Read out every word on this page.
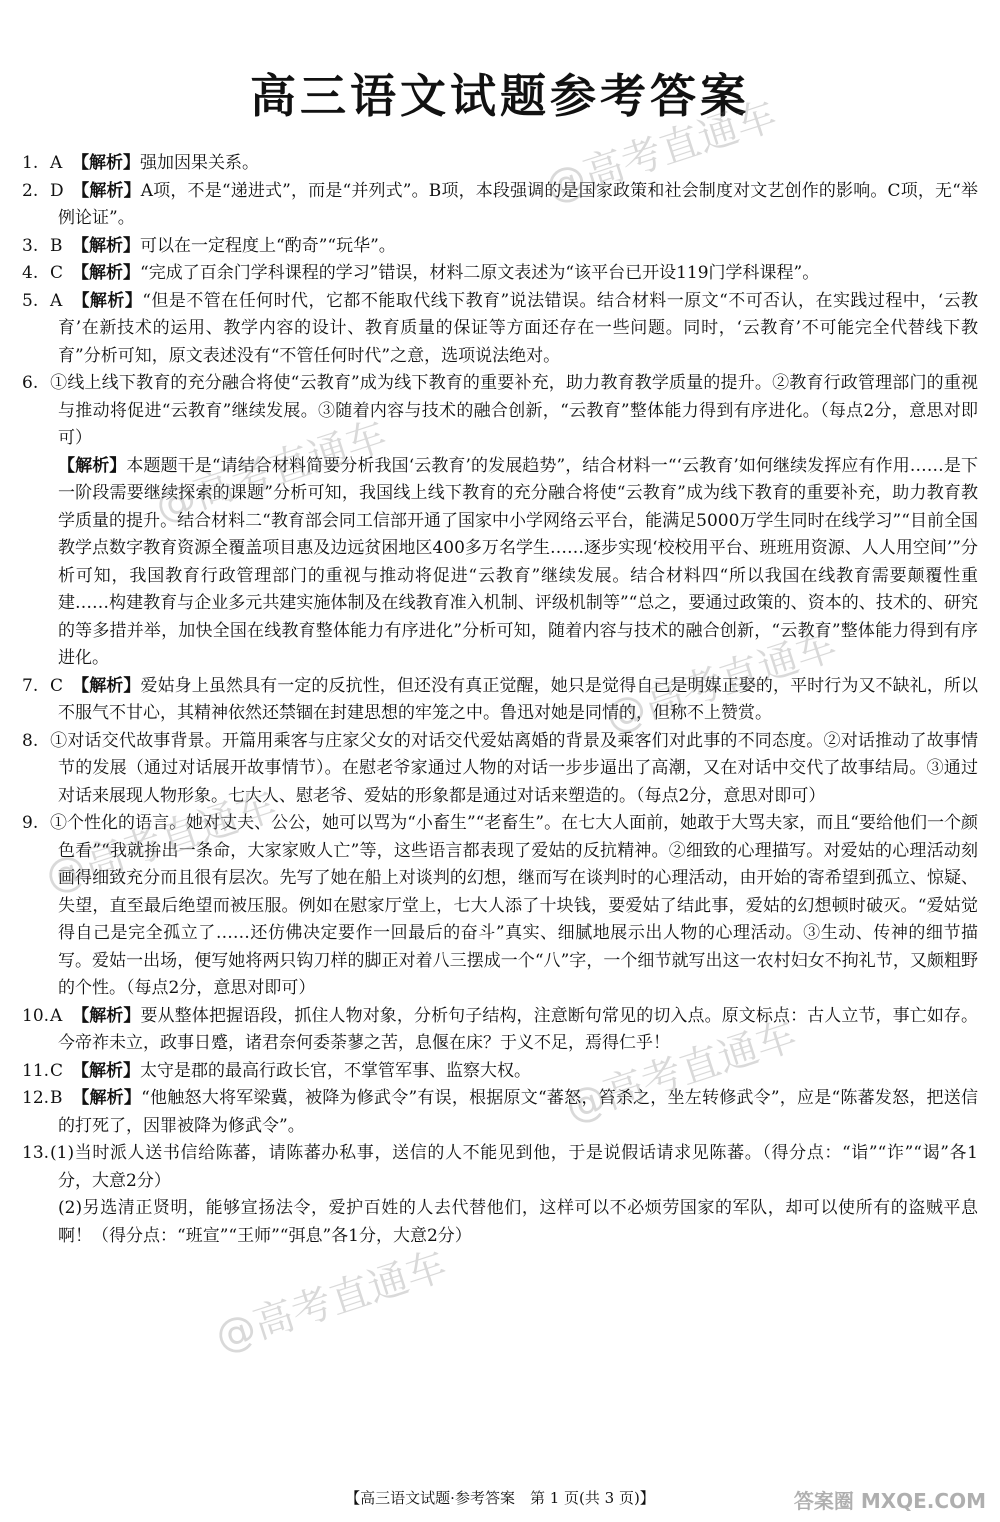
高三语文试题参考答案

1. A 【解析】强加因果关系。

2. D 【解析】A项，不是“递进式”，而是“并列式”。B项，本段强调的是国家政策和社会制度对文艺创作的影响。C项，无“举例论证”。

3. B 【解析】可以在一定程度上“酌奇”“玩华”。

4. C 【解析】“完成了百余门学科课程的学习”错误，材料二原文表述为“该平台已开设119门学科课程”。

5. A 【解析】“但是不管在任何时代，它都不能取代线下教育”说法错误。结合材料一原文“不可否认，在实践过程中，‘云教育’在新技术的运用、教学内容的设计、教育质量的保证等方面还存在一些问题。同时，‘云教育’不可能完全代替线下教育”分析可知，原文表述没有“不管任何时代”之意，选项说法绝对。

6. ①线上线下教育的充分融合将使“云教育”成为线下教育的重要补充，助力教育教学质量的提升。②教育行政管理部门的重视与推动将促进“云教育”继续发展。③随着内容与技术的融合创新，“云教育”整体能力得到有序进化。（每点2分，意思对即可）

【解析】本题题干是“请结合材料简要分析我国‘云教育’的发展趋势”，结合材料一“‘云教育’如何继续发挥应有作用……是下一阶段需要继续探索的课题”分析可知，我国线上线下教育的充分融合将使“云教育”成为线下教育的重要补充，助力教育教学质量的提升。结合材料二“教育部会同工信部开通了国家中小学网络云平台，能满足5000万学生同时在线学习”“目前全国教学点数字教育资源全覆盖项目惠及边远贫困地区400多万名学生……逐步实现‘校校用平台、班班用资源、人人用空间’”分析可知，我国教育行政管理部门的重视与推动将促进“云教育”继续发展。结合材料四“所以我国在线教育需要颠覆性重建……构建教育与企业多元共建实施体制及在线教育准入机制、评级机制等”“总之，要通过政策的、资本的、技术的、研究的等多措并举，加快全国在线教育整体能力有序进化”分析可知，随着内容与技术的融合创新，“云教育”整体能力得到有序进化。

7. C 【解析】爱姑身上虽然具有一定的反抗性，但还没有真正觉醒，她只是觉得自己是明媒正娶的，平时行为又不缺礼，所以不服气不甘心，其精神依然还禁锢在封建思想的牢笼之中。鲁迅对她是同情的，但称不上赞赏。

8. ①对话交代故事背景。开篇用乘客与庄家父女的对话交代爱姑离婚的背景及乘客们对此事的不同态度。②对话推动了故事情节的发展（通过对话展开故事情节）。在慰老爷家通过人物的对话一步步逼出了高潮，又在对话中交代了故事结局。③通过对话来展现人物形象。七大人、慰老爷、爱姑的形象都是通过对话来塑造的。（每点2分，意思对即可）

9. ①个性化的语言。她对丈夫、公公，她可以骂为“小畜生”“老畜生”。在七大人面前，她敢于大骂夫家，而且“要给他们一个颜色看”“我就拚出一条命，大家家败人亡”等，这些语言都表现了爱姑的反抗精神。②细致的心理描写。对爱姑的心理活动刻画得细致充分而且很有层次。先写了她在船上对谈判的幻想，继而写在谈判时的心理活动，由开始的寄希望到孤立、惊疑、失望，直至最后绝望而被压服。例如在慰家厅堂上，七大人添了十块钱，要爱姑了结此事，爱姑的幻想顿时破灭。“爱姑觉得自己是完全孤立了……还仿佛决定要作一回最后的奋斗”真实、细腻地展示出人物的心理活动。③生动、传神的细节描写。爱姑一出场，便写她将两只钩刀样的脚正对着八三摆成一个“八”字，一个细节就写出这一农村妇女不拘礼节，又颇粗野的个性。（每点2分，意思对即可）

10.A 【解析】要从整体把握语段，抓住人物对象，分析句子结构，注意断句常见的切入点。原文标点：古人立节，事亡如存。今帝祚未立，政事日蹙，诸君奈何委荼蓼之苦，息偃在床？于义不足，焉得仁乎！

11.C 【解析】太守是郡的最高行政长官，不掌管军事、监察大权。

12.B 【解析】“他触怒大将军梁冀，被降为修武令”有误，根据原文“蕃怒，笞杀之，坐左转修武令”，应是“陈蕃发怒，把送信的打死了，因罪被降为修武令”。

13.(1)当时派人送书信给陈蕃，请陈蕃办私事，送信的人不能见到他，于是说假话请求见陈蕃。（得分点：“诣”“诈”“谒”各1分，大意2分）

(2)另选清正贤明，能够宣扬法令，爱护百姓的人去代替他们，这样可以不必烦劳国家的军队，却可以使所有的盗贼平息啊！（得分点：“班宣”“王师”“弭息”各1分，大意2分）

【高三语文试题·参考答案　第 1 页(共 3 页)】
@高考直通车
@高考直通车
@高考直通车
@高考直通车
@高考直通车
@高考直通车
答案圈 MXQE.COM
